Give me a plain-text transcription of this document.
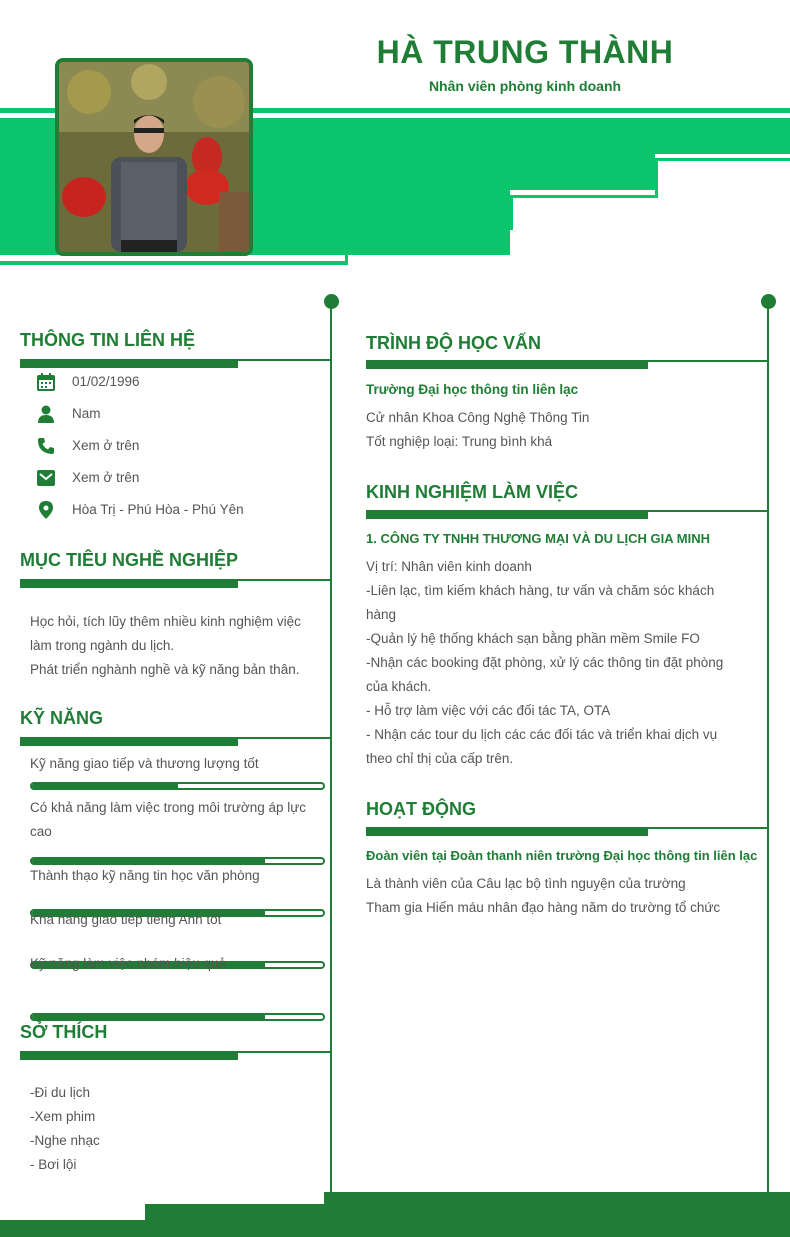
HÀ TRUNG THÀNH
Nhân viên phòng kinh doanh
THÔNG TIN LIÊN HỆ
01/02/1996
Nam
Xem ở trên
Xem ở trên
Hòa Trị - Phú Hòa - Phú Yên
MỤC TIÊU NGHỀ NGHIỆP
Học hỏi, tích lũy thêm nhiều kinh nghiệm việc
làm trong ngành du lịch.
Phát triển nghành nghề và kỹ năng bản thân.
KỸ NĂNG
Kỹ năng giao tiếp và thương lượng tốt
Có khả năng làm việc trong môi trường áp lực cao
Thành thạo kỹ năng tin học văn phòng
Khả năng giao tiếp tiếng Anh tốt
Kỹ năng làm việc nhóm hiệu quả
SỞ THÍCH
-Đi du lịch
-Xem phim
-Nghe nhạc
- Bơi lội
TRÌNH ĐỘ HỌC VẤN
Trường Đại học thông tin liên lạc
Cử nhân Khoa Công Nghệ Thông Tin
Tốt nghiệp loại: Trung bình khá
KINH NGHIỆM LÀM VIỆC
1. CÔNG TY TNHH THƯƠNG MẠI VÀ DU LỊCH GIA MINH
Vị trí: Nhân viên kinh doanh
-Liên lạc, tìm kiếm khách hàng, tư vấn và chăm sóc khách
hàng
-Quản lý hệ thống khách sạn bằng phần mềm Smile FO
-Nhận các booking đặt phòng, xử lý các thông tin đặt phòng
của khách.
- Hỗ trợ làm việc với các đối tác TA, OTA
- Nhận các tour du lịch các các đối tác và triển khai dịch vụ
theo chỉ thị của cấp trên.
HOẠT ĐỘNG
Đoàn viên tại Đoàn thanh niên trường Đại học thông tin liên lạc
Là thành viên của Câu lạc bộ tình nguyện của trường
Tham gia Hiến máu nhân đạo hàng năm do trường tổ chức
